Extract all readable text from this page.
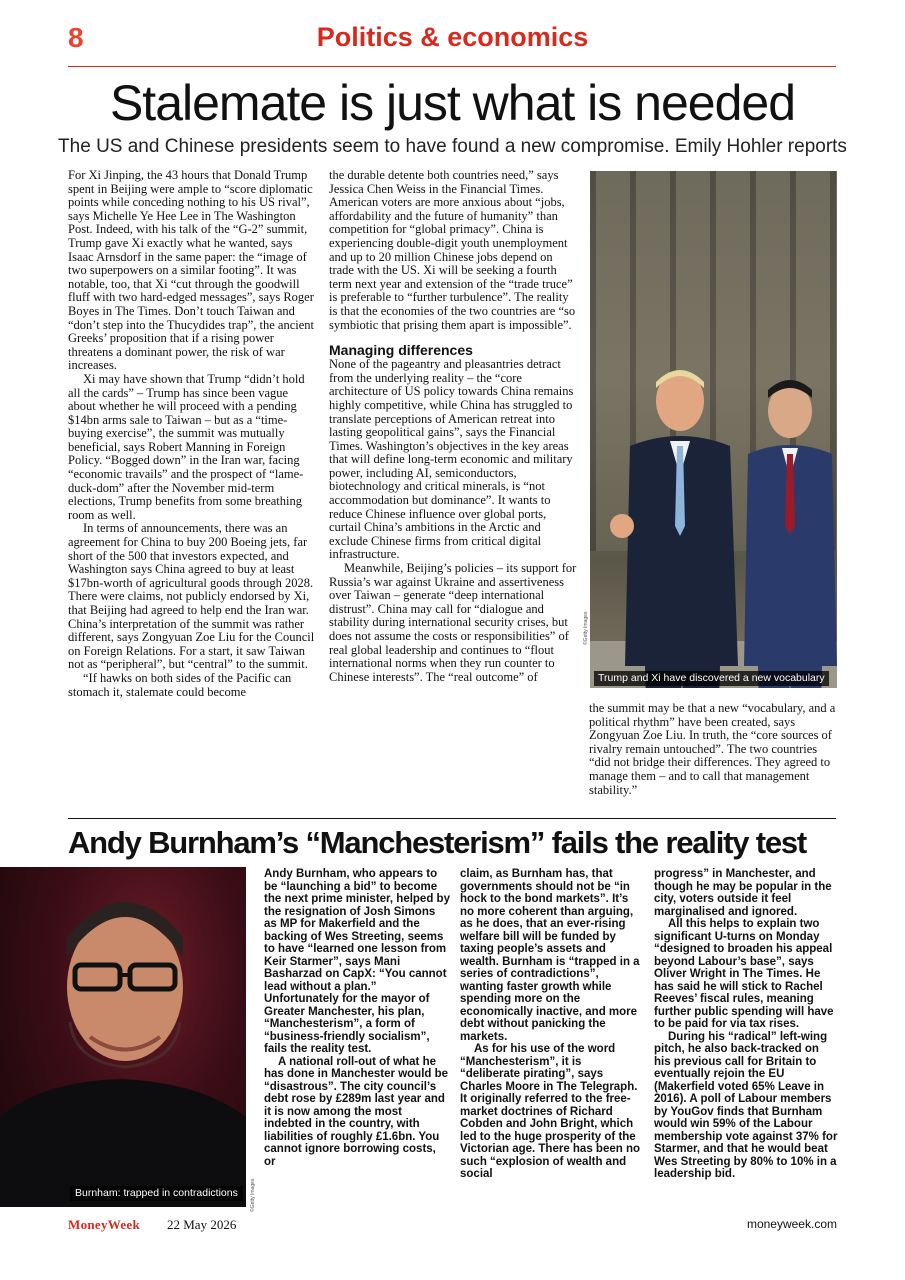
8	Politics & economics
Stalemate is just what is needed
The US and Chinese presidents seem to have found a new compromise. Emily Hohler reports

For Xi Jinping, the 43 hours that Donald Trump spent in Beijing were ample to “score diplomatic points while conceding nothing to his US rival”, says Michelle Ye Hee Lee in The Washington Post. Indeed, with his talk of the “G-2” summit, Trump gave Xi exactly what he wanted, says Isaac Arnsdorf in the same paper: the “image of two superpowers on a similar footing”. It was notable, too, that Xi “cut through the goodwill fluff with two hard-edged messages”, says Roger Boyes in The Times. Don’t touch Taiwan and “don’t step into the Thucydides trap”, the ancient Greeks’ proposition that if a rising power threatens a dominant power, the risk of war increases.

Xi may have shown that Trump “didn’t hold all the cards” – Trump has since been vague about whether he will proceed with a pending $14bn arms sale to Taiwan – but as a “time-buying exercise”, the summit was mutually beneficial, says Robert Manning in Foreign Policy. “Bogged down” in the Iran war, facing “economic travails” and the prospect of “lame-duck-dom” after the November mid-term elections, Trump benefits from some breathing room as well.

In terms of announcements, there was an agreement for China to buy 200 Boeing jets, far short of the 500 that investors expected, and Washington says China agreed to buy at least $17bn-worth of agricultural goods through 2028. There were claims, not publicly endorsed by Xi, that Beijing had agreed to help end the Iran war. China’s interpretation of the summit was rather different, says Zongyuan Zoe Liu for the Council on Foreign Relations. For a start, it saw Taiwan not as “peripheral”, but “central” to the summit.

“If hawks on both sides of the Pacific can stomach it, stalemate could become

the durable detente both countries need,” says Jessica Chen Weiss in the Financial Times. American voters are more anxious about “jobs, affordability and the future of humanity” than competition for “global primacy”. China is experiencing double-digit youth unemployment and up to 20 million Chinese jobs depend on trade with the US. Xi will be seeking a fourth term next year and extension of the “trade truce” is preferable to “further turbulence”. The reality is that the economies of the two countries are “so symbiotic that prising them apart is impossible”.

Managing differences

None of the pageantry and pleasantries detract from the underlying reality – the “core architecture of US policy towards China remains highly competitive, while China has struggled to translate perceptions of American retreat into lasting geopolitical gains”, says the Financial Times. Washington’s objectives in the key areas that will define long-term economic and military power, including AI, semiconductors, biotechnology and critical minerals, is “not accommodation but dominance”. It wants to reduce Chinese influence over global ports, curtail China’s ambitions in the Arctic and exclude Chinese firms from critical digital infrastructure.

Meanwhile, Beijing’s policies – its support for Russia’s war against Ukraine and assertiveness over Taiwan – generate “deep international distrust”. China may call for “dialogue and stability during international security crises, but does not assume the costs or responsibilities” of real global leadership and continues to “flout international norms when they run counter to Chinese interests”. The “real outcome” of	Trump and Xi have discovered a new vocabulary
©Getty Images

the summit may be that a new “vocabulary, and a political rhythm” have been created, says Zongyuan Zoe Liu. In truth, the “core sources of rivalry remain untouched”. The two countries “did not bridge their differences. They agreed to manage them – and to call that management stability.”

Andy Burnham’s “Manchesterism” fails the reality test
Burnham: trapped in contradictions	©Getty Images

Andy Burnham, who appears to be “launching a bid” to become the next prime minister, helped by the resignation of Josh Simons as MP for Makerfield and the backing of Wes Streeting, seems to have “learned one lesson from Keir Starmer”, says Mani Basharzad on CapX: “You cannot lead without a plan.” Unfortunately for the mayor of Greater Manchester, his plan, “Manchesterism”, a form of “business-friendly socialism”, fails the reality test.

A national roll-out of what he has done in Manchester would be “disastrous”. The city council’s debt rose by £289m last year and it is now among the most indebted in the country, with liabilities of roughly £1.6bn. You cannot ignore borrowing costs, or

claim, as Burnham has, that governments should not be “in hock to the bond markets”. It’s no more coherent than arguing, as he does, that an ever-rising welfare bill will be funded by taxing people’s assets and wealth. Burnham is “trapped in a series of contradictions”, wanting faster growth while spending more on the economically inactive, and more debt without panicking the markets.

As for his use of the word “Manchesterism”, it is “deliberate pirating”, says Charles Moore in The Telegraph. It originally referred to the free-market doctrines of Richard Cobden and John Bright, which led to the huge prosperity of the Victorian age. There has been no such “explosion of wealth and social

progress” in Manchester, and though he may be popular in the city, voters outside it feel marginalised and ignored.

All this helps to explain two significant U-turns on Monday “designed to broaden his appeal beyond Labour’s base”, says Oliver Wright in The Times. He has said he will stick to Rachel Reeves’ fiscal rules, meaning further public spending will have to be paid for via tax rises.

During his “radical” left-wing pitch, he also back-tracked on his previous call for Britain to eventually rejoin the EU (Makerfield voted 65% Leave in 2016). A poll of Labour members by YouGov finds that Burnham would win 59% of the Labour membership vote against 37% for Starmer, and that he would beat Wes Streeting by 80% to 10% in a leadership bid.

MoneyWeek 22 May 2026	moneyweek.com
